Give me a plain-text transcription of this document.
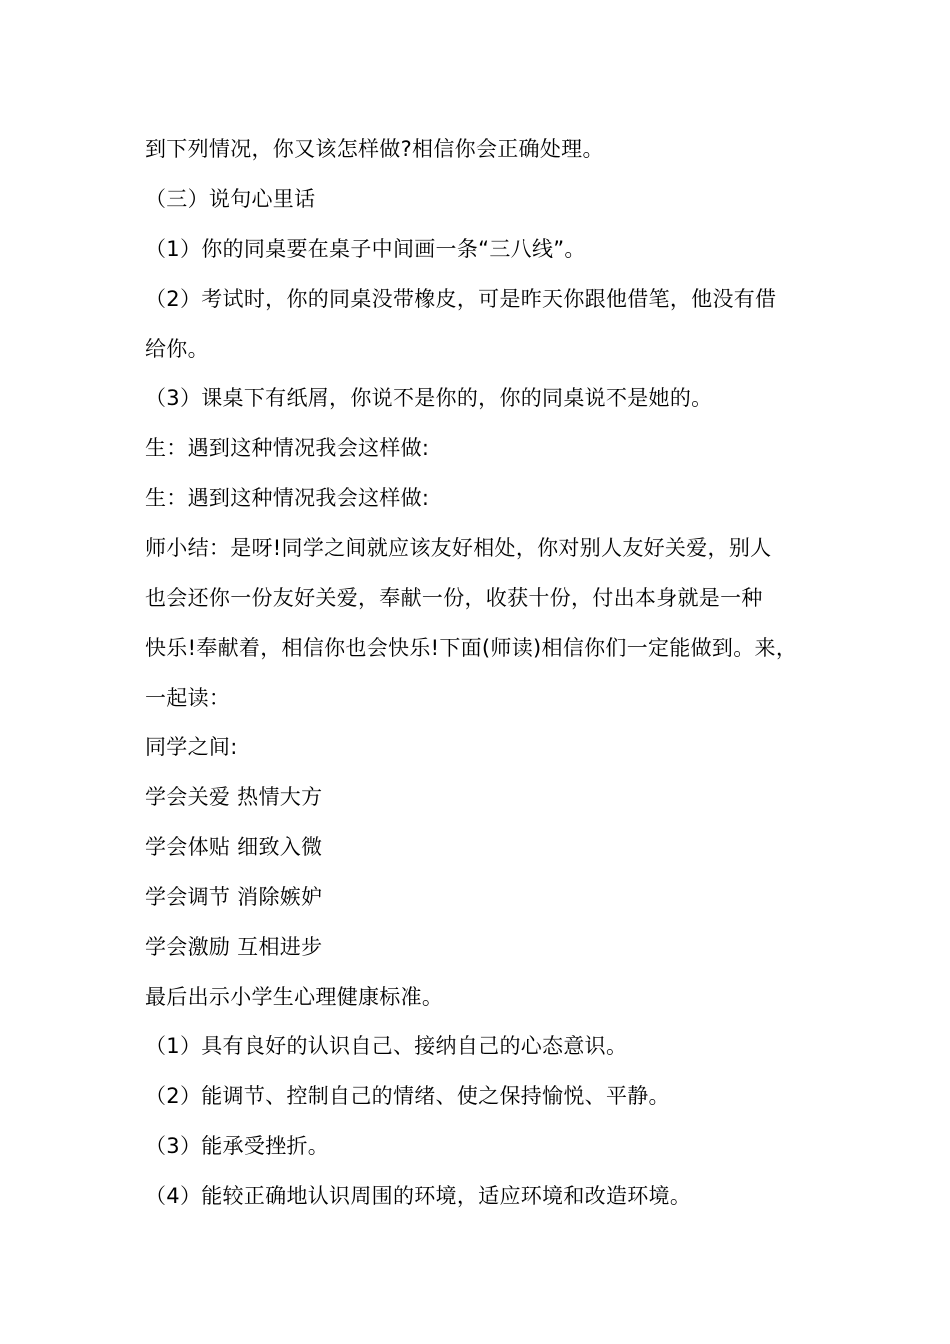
到下列情况，你又该怎样做?相信你会正确处理。
（三）说句心里话
（1）你的同桌要在桌子中间画一条“三八线”。
（2）考试时，你的同桌没带橡皮，可是昨天你跟他借笔，他没有借
给你。
（3）课桌下有纸屑，你说不是你的，你的同桌说不是她的。
生：遇到这种情况我会这样做:
生：遇到这种情况我会这样做:
师小结：是呀!同学之间就应该友好相处，你对别人友好关爱，别人
也会还你一份友好关爱，奉献一份，收获十份，付出本身就是一种
快乐!奉献着，相信你也会快乐!下面(师读)相信你们一定能做到。来，
一起读：
同学之间:
学会关爱 热情大方
学会体贴 细致入微
学会调节 消除嫉妒
学会激励 互相进步
最后出示小学生心理健康标准。
（1）具有良好的认识自己、接纳自己的心态意识。
（2）能调节、控制自己的情绪、使之保持愉悦、平静。
（3）能承受挫折。
（4）能较正确地认识周围的环境，适应环境和改造环境。
